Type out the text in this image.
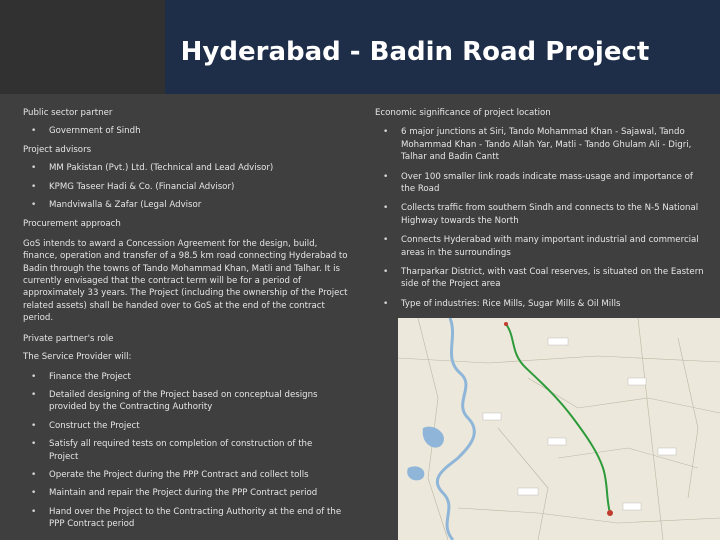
Hyderabad - Badin Road Project

Public sector partner

• Government of Sindh

Project advisors

• MM Pakistan (Pvt.) Ltd. (Technical and Lead Advisor)
• KPMG Taseer Hadi & Co. (Financial Advisor)
• Mandviwalla & Zafar (Legal Advisor

Procurement approach

GoS intends to award a Concession Agreement for the design, build, finance, operation and transfer of a 98.5 km road connecting Hyderabad to Badin through the towns of Tando Mohammad Khan, Matli and Talhar. It is currently envisaged that the contract term will be for a period of approximately 33 years. The Project (including the ownership of the Project related assets) shall be handed over to GoS at the end of the contract period.

Private partner's role

The Service Provider will:

• Finance the Project
• Detailed designing of the Project based on conceptual designs provided by the Contracting Authority
• Construct the Project
• Satisfy all required tests on completion of construction of the Project
• Operate the Project during the PPP Contract and collect tolls
• Maintain and repair the Project during the PPP Contract period
• Hand over the Project to the Contracting Authority at the end of the PPP Contract period

Economic significance of project location

• 6 major junctions at Siri, Tando Mohammad Khan - Sajawal, Tando Mohammad Khan - Tando Allah Yar, Matli - Tando Ghulam Ali - Digri, Talhar and Badin Cantt
• Over 100 smaller link roads indicate mass-usage and importance of the Road
• Collects traffic from southern Sindh and connects to the N-5 National Highway towards the North
• Connects Hyderabad with many important industrial and commercial areas in the surroundings
• Tharparkar District, with vast Coal reserves, is situated on the Eastern side of the Project area
• Type of industries: Rice Mills, Sugar Mills & Oil Mills
